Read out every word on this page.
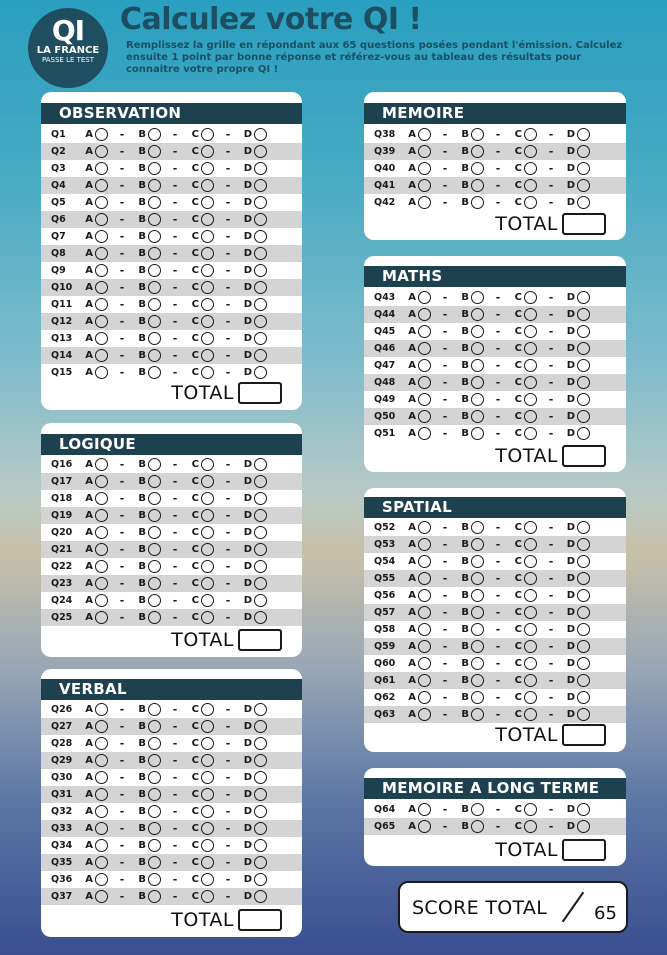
QI
LA FRANCE
PASSE LE TEST
Calculez votre QI !
Remplissez la grille en répondant aux 65 questions posées pendant l'émission. Calculez ensuite 1 point par bonne réponse et référez-vous au tableau des résultats pour connaitre votre propre QI !
OBSERVATION
Q1	A	-	B	-	C	-	D
Q2	A	-	B	-	C	-	D
Q3	A	-	B	-	C	-	D
Q4	A	-	B	-	C	-	D
Q5	A	-	B	-	C	-	D
Q6	A	-	B	-	C	-	D
Q7	A	-	B	-	C	-	D
Q8	A	-	B	-	C	-	D
Q9	A	-	B	-	C	-	D
Q10	A	-	B	-	C	-	D
Q11	A	-	B	-	C	-	D
Q12	A	-	B	-	C	-	D
Q13	A	-	B	-	C	-	D
Q14	A	-	B	-	C	-	D
Q15	A	-	B	-	C	-	D
TOTAL
LOGIQUE
Q16	A	-	B	-	C	-	D
Q17	A	-	B	-	C	-	D
Q18	A	-	B	-	C	-	D
Q19	A	-	B	-	C	-	D
Q20	A	-	B	-	C	-	D
Q21	A	-	B	-	C	-	D
Q22	A	-	B	-	C	-	D
Q23	A	-	B	-	C	-	D
Q24	A	-	B	-	C	-	D
Q25	A	-	B	-	C	-	D
TOTAL
VERBAL
Q26	A	-	B	-	C	-	D
Q27	A	-	B	-	C	-	D
Q28	A	-	B	-	C	-	D
Q29	A	-	B	-	C	-	D
Q30	A	-	B	-	C	-	D
Q31	A	-	B	-	C	-	D
Q32	A	-	B	-	C	-	D
Q33	A	-	B	-	C	-	D
Q34	A	-	B	-	C	-	D
Q35	A	-	B	-	C	-	D
Q36	A	-	B	-	C	-	D
Q37	A	-	B	-	C	-	D
TOTAL
MEMOIRE
Q38	A	-	B	-	C	-	D
Q39	A	-	B	-	C	-	D
Q40	A	-	B	-	C	-	D
Q41	A	-	B	-	C	-	D
Q42	A	-	B	-	C	-	D
TOTAL
MATHS
Q43	A	-	B	-	C	-	D
Q44	A	-	B	-	C	-	D
Q45	A	-	B	-	C	-	D
Q46	A	-	B	-	C	-	D
Q47	A	-	B	-	C	-	D
Q48	A	-	B	-	C	-	D
Q49	A	-	B	-	C	-	D
Q50	A	-	B	-	C	-	D
Q51	A	-	B	-	C	-	D
TOTAL
SPATIAL
Q52	A	-	B	-	C	-	D
Q53	A	-	B	-	C	-	D
Q54	A	-	B	-	C	-	D
Q55	A	-	B	-	C	-	D
Q56	A	-	B	-	C	-	D
Q57	A	-	B	-	C	-	D
Q58	A	-	B	-	C	-	D
Q59	A	-	B	-	C	-	D
Q60	A	-	B	-	C	-	D
Q61	A	-	B	-	C	-	D
Q62	A	-	B	-	C	-	D
Q63	A	-	B	-	C	-	D
TOTAL
MEMOIRE A LONG TERME
Q64	A	-	B	-	C	-	D
Q65	A	-	B	-	C	-	D
TOTAL
SCORE TOTAL	65
